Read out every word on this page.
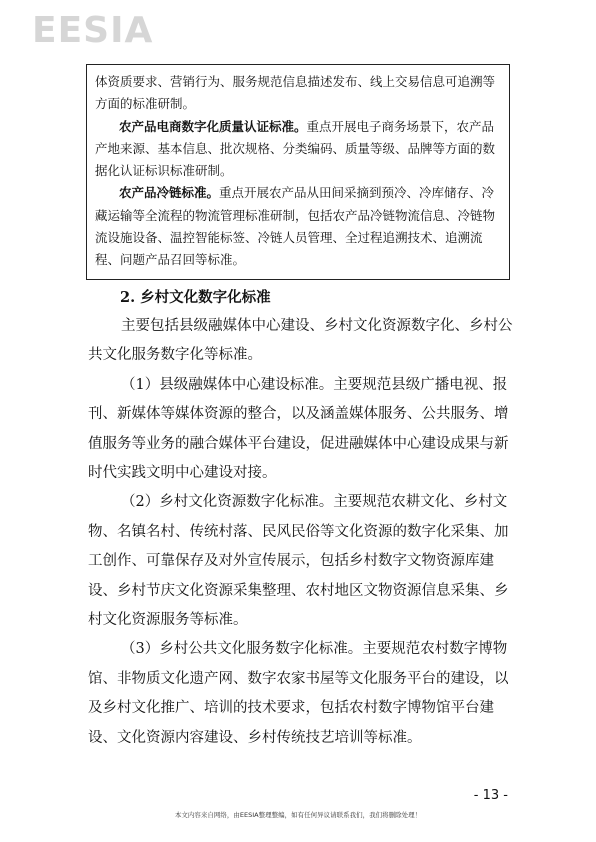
EESIA

体资质要求、营销行为、服务规范信息描述发布、线上交易信息可追溯等方面的标准研制。

农产品电商数字化质量认证标准。重点开展电子商务场景下，农产品产地来源、基本信息、批次规格、分类编码、质量等级、品牌等方面的数据化认证标识标准研制。

农产品冷链标准。重点开展农产品从田间采摘到预冷、冷库储存、冷藏运输等全流程的物流管理标准研制，包括农产品冷链物流信息、冷链物流设施设备、温控智能标签、冷链人员管理、全过程追溯技术、追溯流程、问题产品召回等标准。

2. 乡村文化数字化标准

主要包括县级融媒体中心建设、乡村文化资源数字化、乡村公共文化服务数字化等标准。

（1）县级融媒体中心建设标准。主要规范县级广播电视、报刊、新媒体等媒体资源的整合，以及涵盖媒体服务、公共服务、增值服务等业务的融合媒体平台建设，促进融媒体中心建设成果与新时代实践文明中心建设对接。

（2）乡村文化资源数字化标准。主要规范农耕文化、乡村文物、名镇名村、传统村落、民风民俗等文化资源的数字化采集、加工创作、可靠保存及对外宣传展示，包括乡村数字文物资源库建设、乡村节庆文化资源采集整理、农村地区文物资源信息采集、乡村文化资源服务等标准。

（3）乡村公共文化服务数字化标准。主要规范农村数字博物馆、非物质文化遗产网、数字农家书屋等文化服务平台的建设，以及乡村文化推广、培训的技术要求，包括农村数字博物馆平台建设、文化资源内容建设、乡村传统技艺培训等标准。

- 13 -
本文内容来自网络，由EESIA整理整编，如有任何异议请联系我们，我们将删除处理！
